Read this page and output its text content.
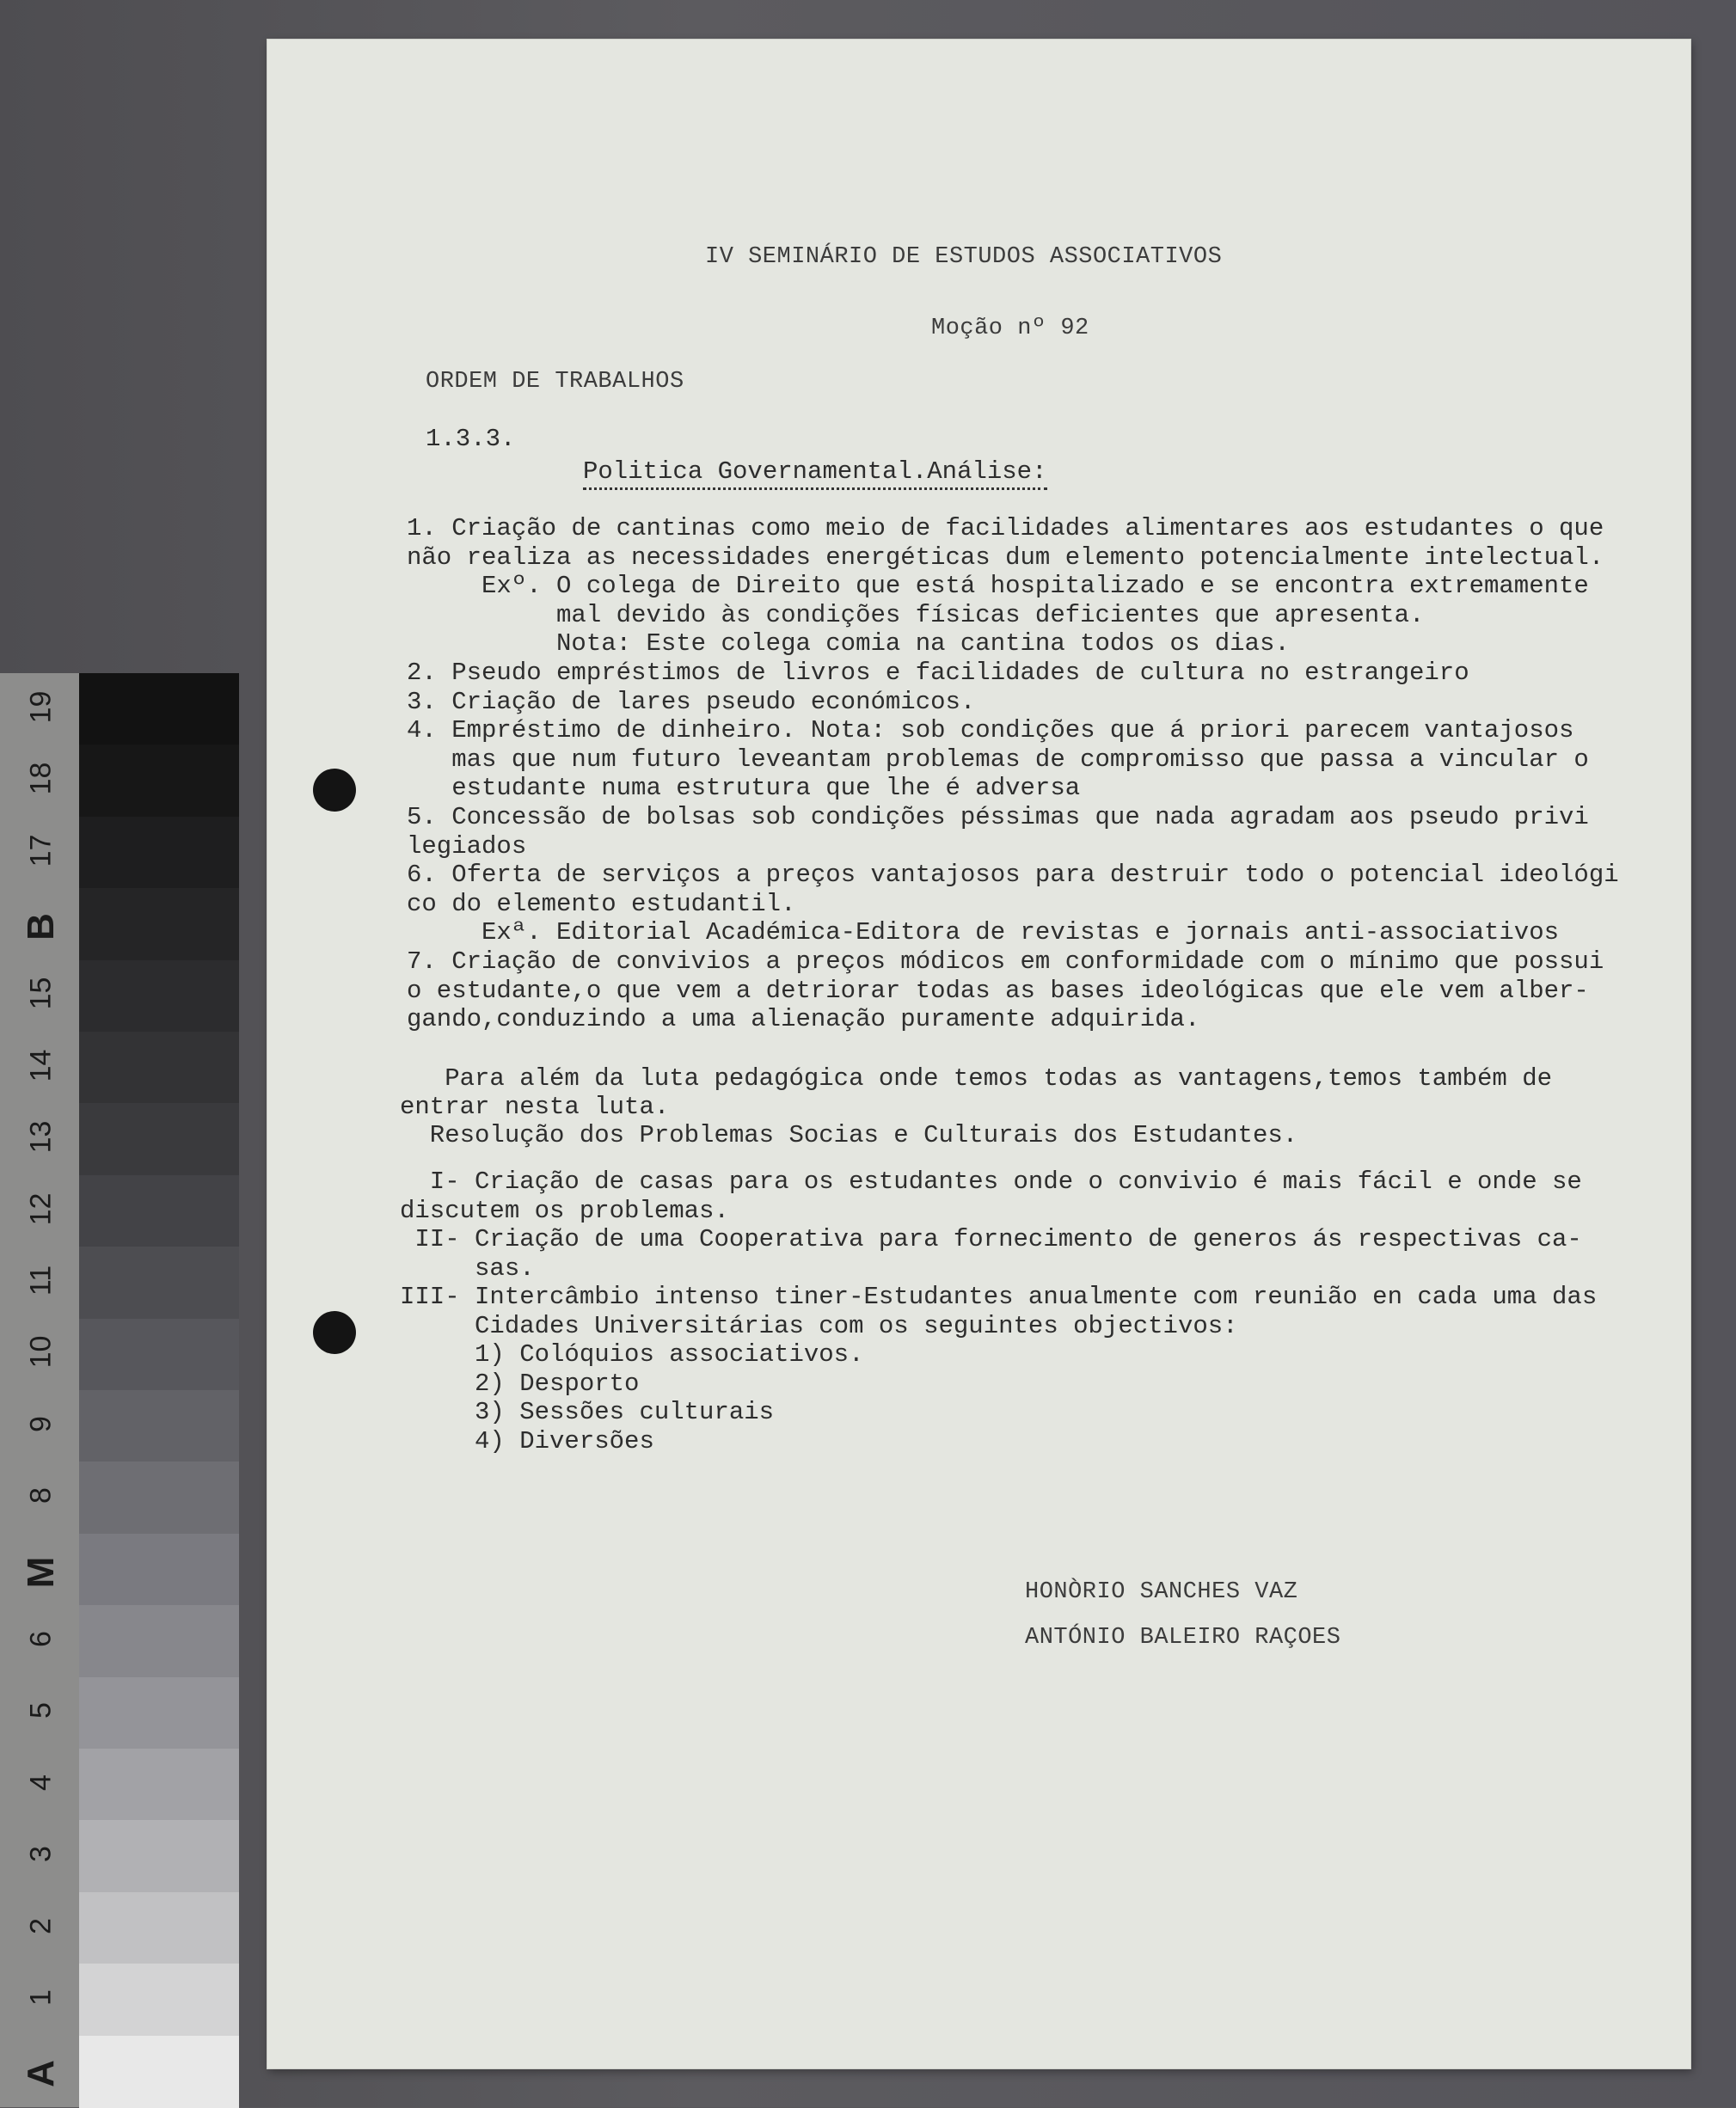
19
18
17
B
15
14
13
12
11
10
9
8
M
6
5
4
3
2
1
A
IV SEMINÁRIO DE ESTUDOS ASSOCIATIVOS
Moção nº 92
ORDEM DE TRABALHOS
1.3.3.
Politica Governamental.Análise:
1. Criação de cantinas como meio de facilidades alimentares aos estudantes o que
não realiza as necessidades energéticas dum elemento potencialmente intelectual.
Exº. O colega de Direito que está hospitalizado e se encontra extremamente
mal devido às condições físicas deficientes que apresenta.
Nota: Este colega comia na cantina todos os dias.
2. Pseudo empréstimos de livros e facilidades de cultura no estrangeiro
3. Criação de lares pseudo económicos.
4. Empréstimo de dinheiro. Nota: sob condições que á priori parecem vantajosos
mas que num futuro leveantam problemas de compromisso que passa a vincular o
estudante numa estrutura que lhe é adversa
5. Concessão de bolsas sob condições péssimas que nada agradam aos pseudo privi
legiados
6. Oferta de serviços a preços vantajosos para destruir todo o potencial ideológi
co do elemento estudantil.
Exª. Editorial Académica-Editora de revistas e jornais anti-associativos
7. Criação de convivios a preços módicos em conformidade com o mínimo que possui
o estudante,o que vem a detriorar todas as bases ideológicas que ele vem alber-
gando,conduzindo a uma alienação puramente adquirida.
Para além da luta pedagógica onde temos todas as vantagens,temos também de
entrar nesta luta.
Resolução dos Problemas Socias e Culturais dos Estudantes.
I- Criação de casas para os estudantes onde o convivio é mais fácil e onde se
discutem os problemas.
II- Criação de uma Cooperativa para fornecimento de generos ás respectivas ca-
sas.
III- Intercâmbio intenso tiner-Estudantes anualmente com reunião en cada uma das
Cidades Universitárias com os seguintes objectivos:
1) Colóquios associativos.
2) Desporto
3) Sessões culturais
4) Diversões
HONÒRIO SANCHES VAZ
ANTÓNIO BALEIRO RAÇOES
